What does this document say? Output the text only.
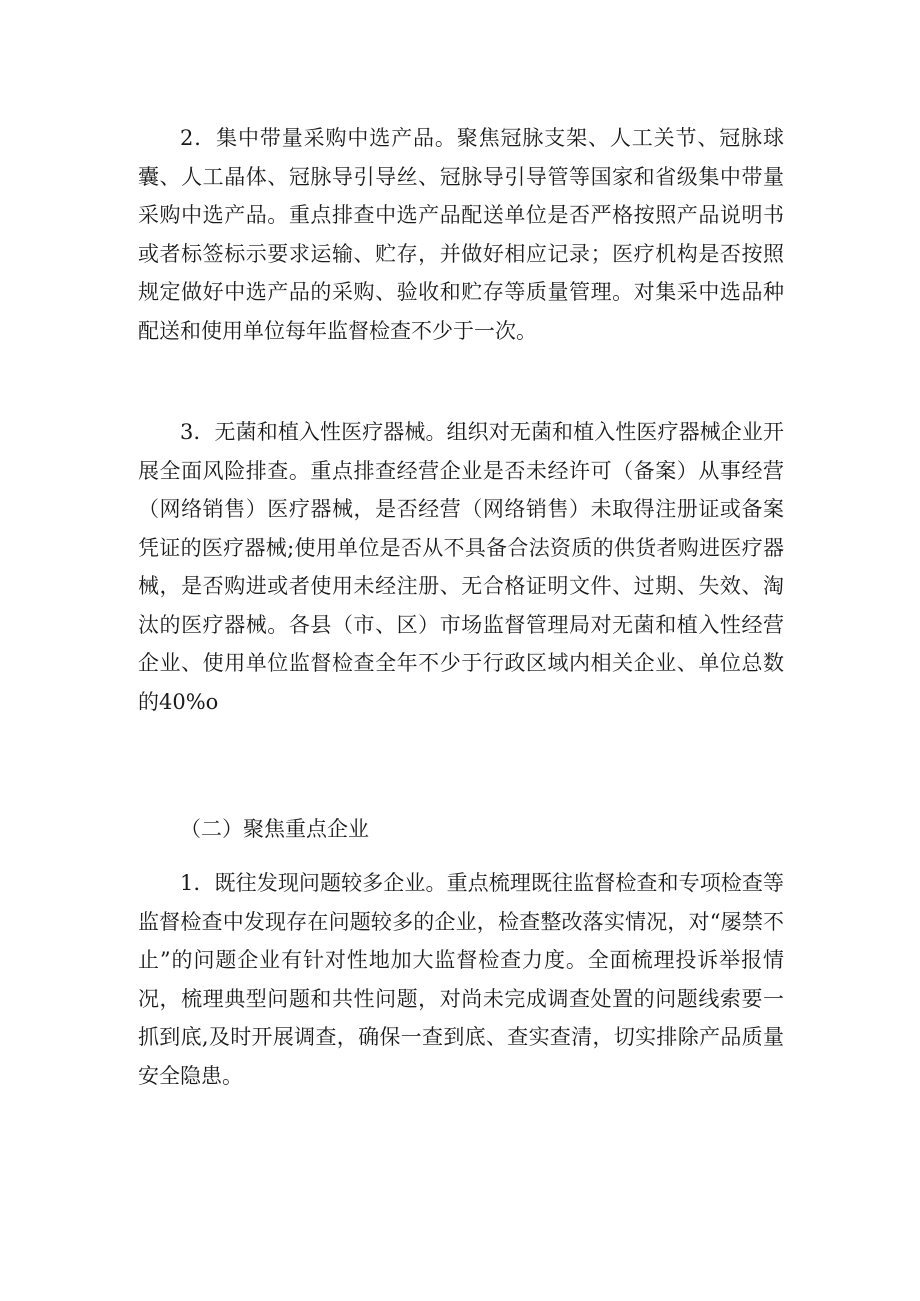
2．集中带量采购中选产品。聚焦冠脉支架、人工关节、冠脉球囊、人工晶体、冠脉导引导丝、冠脉导引导管等国家和省级集中带量采购中选产品。重点排查中选产品配送单位是否严格按照产品说明书或者标签标示要求运输、贮存，并做好相应记录；医疗机构是否按照规定做好中选产品的采购、验收和贮存等质量管理。对集采中选品种配送和使用单位每年监督检查不少于一次。

3．无菌和植入性医疗器械。组织对无菌和植入性医疗器械企业开展全面风险排查。重点排查经营企业是否未经许可（备案）从事经营（网络销售）医疗器械，是否经营（网络销售）未取得注册证或备案凭证的医疗器械;使用单位是否从不具备合法资质的供货者购进医疗器械，是否购进或者使用未经注册、无合格证明文件、过期、失效、淘汰的医疗器械。各县（市、区）市场监督管理局对无菌和植入性经营企业、使用单位监督检查全年不少于行政区域内相关企业、单位总数的40%o

（二）聚焦重点企业

1．既往发现问题较多企业。重点梳理既往监督检查和专项检查等监督检查中发现存在问题较多的企业，检查整改落实情况，对“屡禁不止”的问题企业有针对性地加大监督检查力度。全面梳理投诉举报情况，梳理典型问题和共性问题，对尚未完成调查处置的问题线索要一抓到底,及时开展调查，确保一查到底、查实查清，切实排除产品质量安全隐患。
